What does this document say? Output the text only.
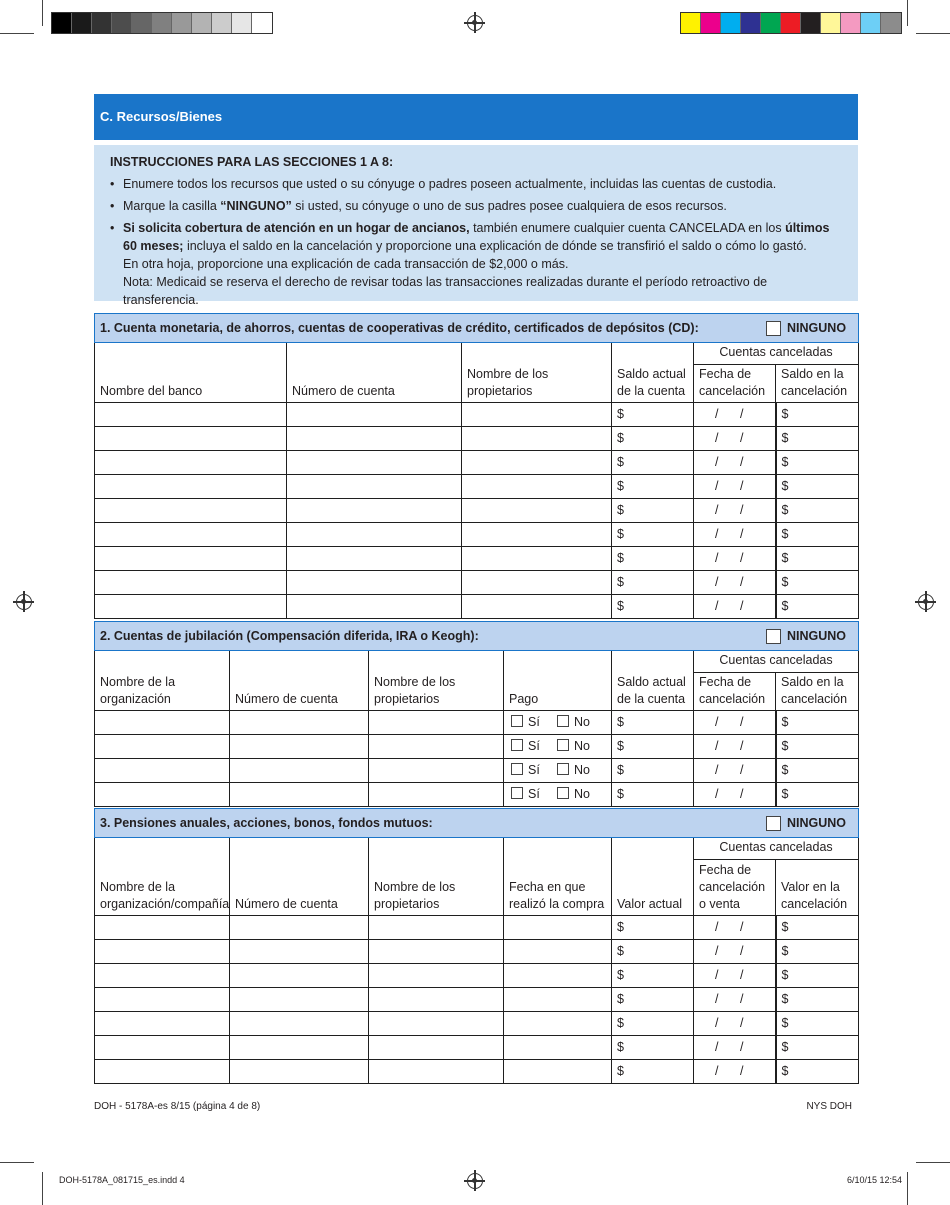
C. Recursos/Bienes
INSTRUCCIONES PARA LAS SECCIONES 1 A 8:
• Enumere todos los recursos que usted o su cónyuge o padres poseen actualmente, incluidas las cuentas de custodia.
• Marque la casilla “NINGUNO” si usted, su cónyuge o uno de sus padres posee cualquiera de esos recursos.
• Si solicita cobertura de atención en un hogar de ancianos, también enumere cualquier cuenta CANCELADA en los últimos 60 meses; incluya el saldo en la cancelación y proporcione una explicación de dónde se transfirió el saldo o cómo lo gastó.
En otra hoja, proporcione una explicación de cada transacción de $2,000 o más.
Nota: Medicaid se reserva el derecho de revisar todas las transacciones realizadas durante el período retroactivo de transferencia.
1. Cuenta monetaria, de ahorros, cuentas de cooperativas de crédito, certificados de depósitos (CD): NINGUNO					

Nombre del banco	Número de cuenta	Nombre de los propietarios	Saldo actual de la cuenta	Cuentas canceladas	
				Fecha de cancelación	Saldo en la cancelación
			$	/ /	$
			$	/ /	$
			$	/ /	$
			$	/ /	$
			$	/ /	$
			$	/ /	$
			$	/ /	$
			$	/ /	$
			$	/ /	$
2. Cuentas de jubilación (Compensación diferida, IRA o Keogh): NINGUNO						

Nombre de la organización	Número de cuenta	Nombre de los propietarios	Pago	Saldo actual de la cuenta	Cuentas canceladas	
					Fecha de cancelación	Saldo en la cancelación
			Sí No	$	/ /	$
			Sí No	$	/ /	$
			Sí No	$	/ /	$
			Sí No	$	/ /	$
3. Pensiones anuales, acciones, bonos, fondos mutuos: NINGUNO						

Nombre de la organización/compañía	Número de cuenta	Nombre de los propietarios	Fecha en que realizó la compra	Valor actual	Cuentas canceladas	
					Fecha de cancelación o venta	Valor en la cancelación
				$	/ /	$
				$	/ /	$
				$	/ /	$
				$	/ /	$
				$	/ /	$
				$	/ /	$
				$	/ /	$
DOH - 5178A-es 8/15 (página 4 de 8)	NYS DOH
DOH-5178A_081715_es.indd 4	6/10/15 12:54
